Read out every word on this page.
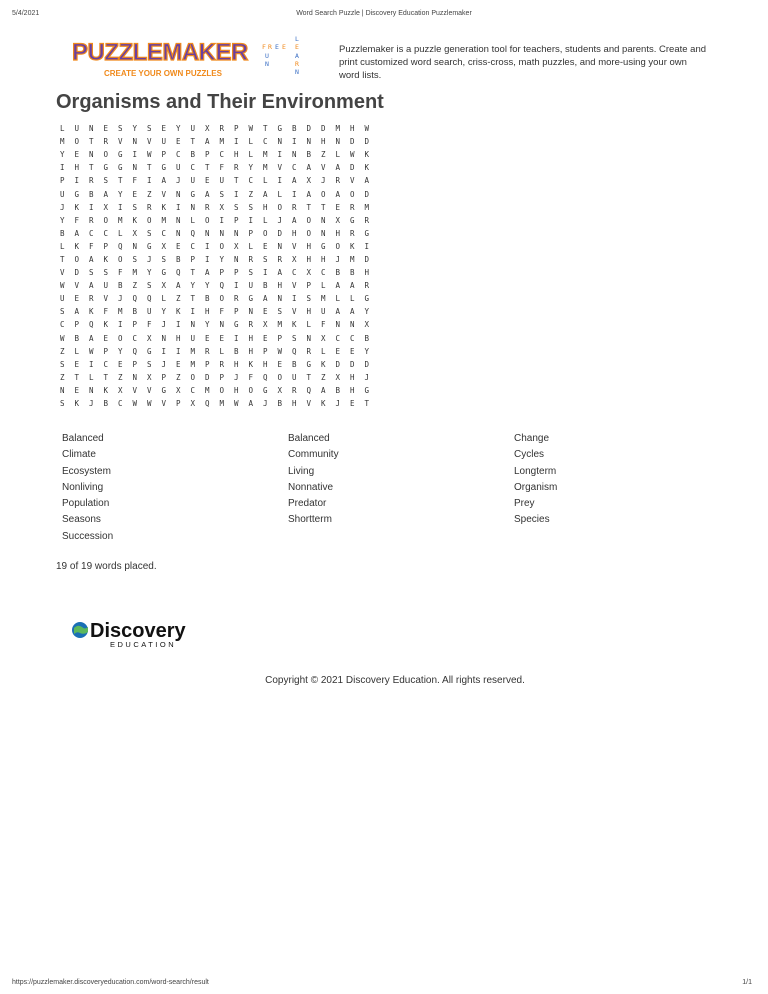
5/4/2021	Word Search Puzzle | Discovery Education Puzzlemaker
PUZZLEMAKER
CREATE YOUR OWN PUZZLES
F R E E
U
N
L
E
A
R
N
Puzzlemaker is a puzzle generation tool for teachers, students and parents. Create and print customized word search, criss-cross, math puzzles, and more-using your own word lists.
Organisms and Their Environment
L	U	N	E	S	Y	S	E	Y	U	X	R	P	W	T	G	B	D	D	M	H	W
M	O	T	R	V	N	V	U	E	T	A	M	I	L	C	N	I	N	H	N	D	D
Y	E	N	O	G	I	W	P	C	B	P	C	H	L	M	I	N	B	Z	L	W	K
I	H	T	G	G	N	T	G	U	C	T	F	R	Y	M	V	C	A	V	A	D	K
P	I	R	S	T	F	I	A	J	U	E	U	T	C	L	I	A	X	J	R	V	A
U	G	B	A	Y	E	Z	V	N	G	A	S	I	Z	A	L	I	A	O	A	O	D
J	K	I	X	I	S	R	K	I	N	R	X	S	S	H	O	R	T	T	E	R	M
Y	F	R	O	M	K	O	M	N	L	O	I	P	I	L	J	A	O	N	X	G	R
B	A	C	C	L	X	S	C	N	Q	N	N	N	P	O	D	H	O	N	H	R	G
L	K	F	P	Q	N	G	X	E	C	I	O	X	L	E	N	V	H	G	O	K	I
T	O	A	K	O	S	J	S	B	P	I	Y	N	R	S	R	X	H	H	J	M	D
V	D	S	S	F	M	Y	G	Q	T	A	P	P	S	I	A	C	X	C	B	B	H
W	V	A	U	B	Z	S	X	A	Y	Y	Q	I	U	B	H	V	P	L	A	A	R
U	E	R	V	J	Q	Q	L	Z	T	B	O	R	G	A	N	I	S	M	L	L	G
S	A	K	F	M	B	U	Y	K	I	H	F	P	N	E	S	V	H	U	A	A	Y
C	P	Q	K	I	P	F	J	I	N	Y	N	G	R	X	M	K	L	F	N	N	X
W	B	A	E	O	C	X	N	H	U	E	E	I	H	E	P	S	N	X	C	C	B
Z	L	W	P	Y	Q	G	I	I	M	R	L	B	H	P	W	Q	R	L	E	E	Y
S	E	I	C	E	P	S	J	E	M	P	R	H	K	H	E	B	G	K	D	D	D
Z	T	L	T	Z	N	X	P	Z	O	D	P	J	F	Q	O	U	T	Z	X	H	J
N	E	N	K	X	V	V	G	X	C	M	O	H	O	G	X	R	Q	A	B	H	G
S	K	J	B	C	W	W	V	P	X	Q	M	W	A	J	B	H	V	K	J	E	T
Balanced	Balanced	Change
Climate	Community	Cycles
Ecosystem	Living	Longterm
Nonliving	Nonnative	Organism
Population	Predator	Prey
Seasons	Shortterm	Species
Succession
19 of 19 words placed.
Discovery
EDUCATION
Copyright © 2021 Discovery Education. All rights reserved.
https://puzzlemaker.discoveryeducation.com/word-search/result	1/1
